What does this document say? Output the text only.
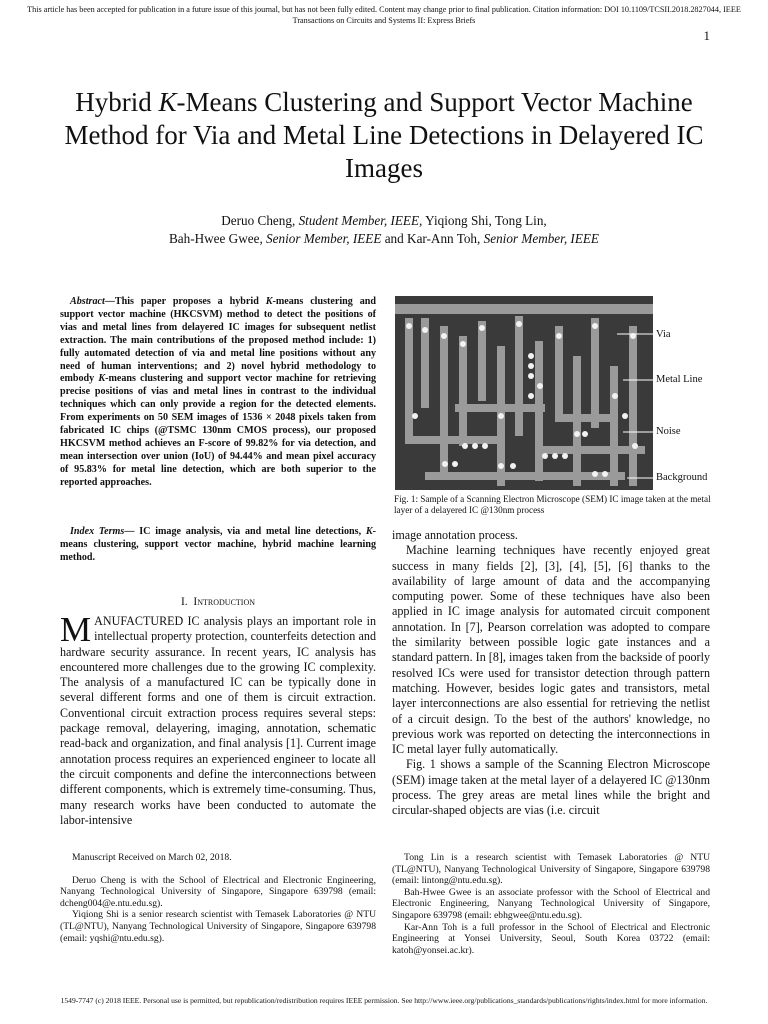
This article has been accepted for publication in a future issue of this journal, but has not been fully edited. Content may change prior to final publication. Citation information: DOI 10.1109/TCSII.2018.2827044, IEEE
Transactions on Circuits and Systems II: Express Briefs
1
Hybrid K-Means Clustering and Support Vector Machine Method for Via and Metal Line Detections in Delayered IC Images
Deruo Cheng, Student Member, IEEE, Yiqiong Shi, Tong Lin,
Bah-Hwee Gwee, Senior Member, IEEE and Kar-Ann Toh, Senior Member, IEEE
Abstract—This paper proposes a hybrid K-means clustering and support vector machine (HKCSVM) method to detect the positions of vias and metal lines from delayered IC images for subsequent netlist extraction. The main contributions of the proposed method include: 1) fully automated detection of via and metal line positions without any need of human interventions; and 2) novel hybrid methodology to embody K-means clustering and support vector machine for retrieving precise positions of vias and metal lines in contrast to the individual techniques which can only provide a region for the detected elements. From experiments on 50 SEM images of 1536 × 2048 pixels taken from fabricated IC chips (@TSMC 130nm CMOS process), our proposed HKCSVM method achieves an F-score of 99.82% for via detection, and mean intersection over union (IoU) of 94.44% and mean pixel accuracy of 95.83% for metal line detection, which are both superior to the reported approaches.
Index Terms— IC image analysis, via and metal line detections, K-means clustering, support vector machine, hybrid machine learning method.
I. Introduction
MANUFACTURED IC analysis plays an important role in intellectual property protection, counterfeits detection and hardware security assurance. In recent years, IC analysis has encountered more challenges due to the growing IC complexity. The analysis of a manufactured IC can be typically done in several different forms and one of them is circuit extraction. Conventional circuit extraction process requires several steps: package removal, delayering, imaging, annotation, schematic read-back and organization, and final analysis [1]. Current image annotation process requires an experienced engineer to locate all the circuit components and define the interconnections between different components, which is extremely time-consuming. Thus, many research works have been conducted to automate the labor-intensive
Via
Metal Line
Noise
Background
Fig. 1: Sample of a Scanning Electron Microscope (SEM) IC image taken at the metal layer of a delayered IC @130nm process

image annotation process.

Machine learning techniques have recently enjoyed great success in many fields [2], [3], [4], [5], [6] thanks to the availability of large amount of data and the accompanying computing power. Some of these techniques have also been applied in IC image analysis for automated circuit component annotation. In [7], Pearson correlation was adopted to compare the similarity between possible logic gate instances and a standard pattern. In [8], images taken from the backside of poorly resolved ICs were used for transistor detection through pattern matching. However, besides logic gates and transistors, metal layer interconnections are also essential for retrieving the netlist of a circuit design. To the best of the authors' knowledge, no previous work was reported on detecting the interconnections in IC metal layer fully automatically.

Fig. 1 shows a sample of the Scanning Electron Microscope (SEM) image taken at the metal layer of a delayered IC @130nm process. The grey areas are metal lines while the bright and circular-shaped objects are vias (i.e. circuit

Manuscript Received on March 02, 2018.

Deruo Cheng is with the School of Electrical and Electronic Engineering, Nanyang Technological University of Singapore, Singapore 639798 (email: dcheng004@e.ntu.edu.sg).

Yiqiong Shi is a senior research scientist with Temasek Laboratories @ NTU (TL@NTU), Nanyang Technological University of Singapore, Singapore 639798 (email: yqshi@ntu.edu.sg).

Tong Lin is a research scientist with Temasek Laboratories @ NTU (TL@NTU), Nanyang Technological University of Singapore, Singapore 639798 (email: lintong@ntu.edu.sg).

Bah-Hwee Gwee is an associate professor with the School of Electrical and Electronic Engineering, Nanyang Technological University of Singapore, Singapore 639798 (email: ebhgwee@ntu.edu.sg).

Kar-Ann Toh is a full professor in the School of Electrical and Electronic Engineering at Yonsei University, Seoul, South Korea 03722 (email: katoh@yonsei.ac.kr).

1549-7747 (c) 2018 IEEE. Personal use is permitted, but republication/redistribution requires IEEE permission. See http://www.ieee.org/publications_standards/publications/rights/index.html for more information.
